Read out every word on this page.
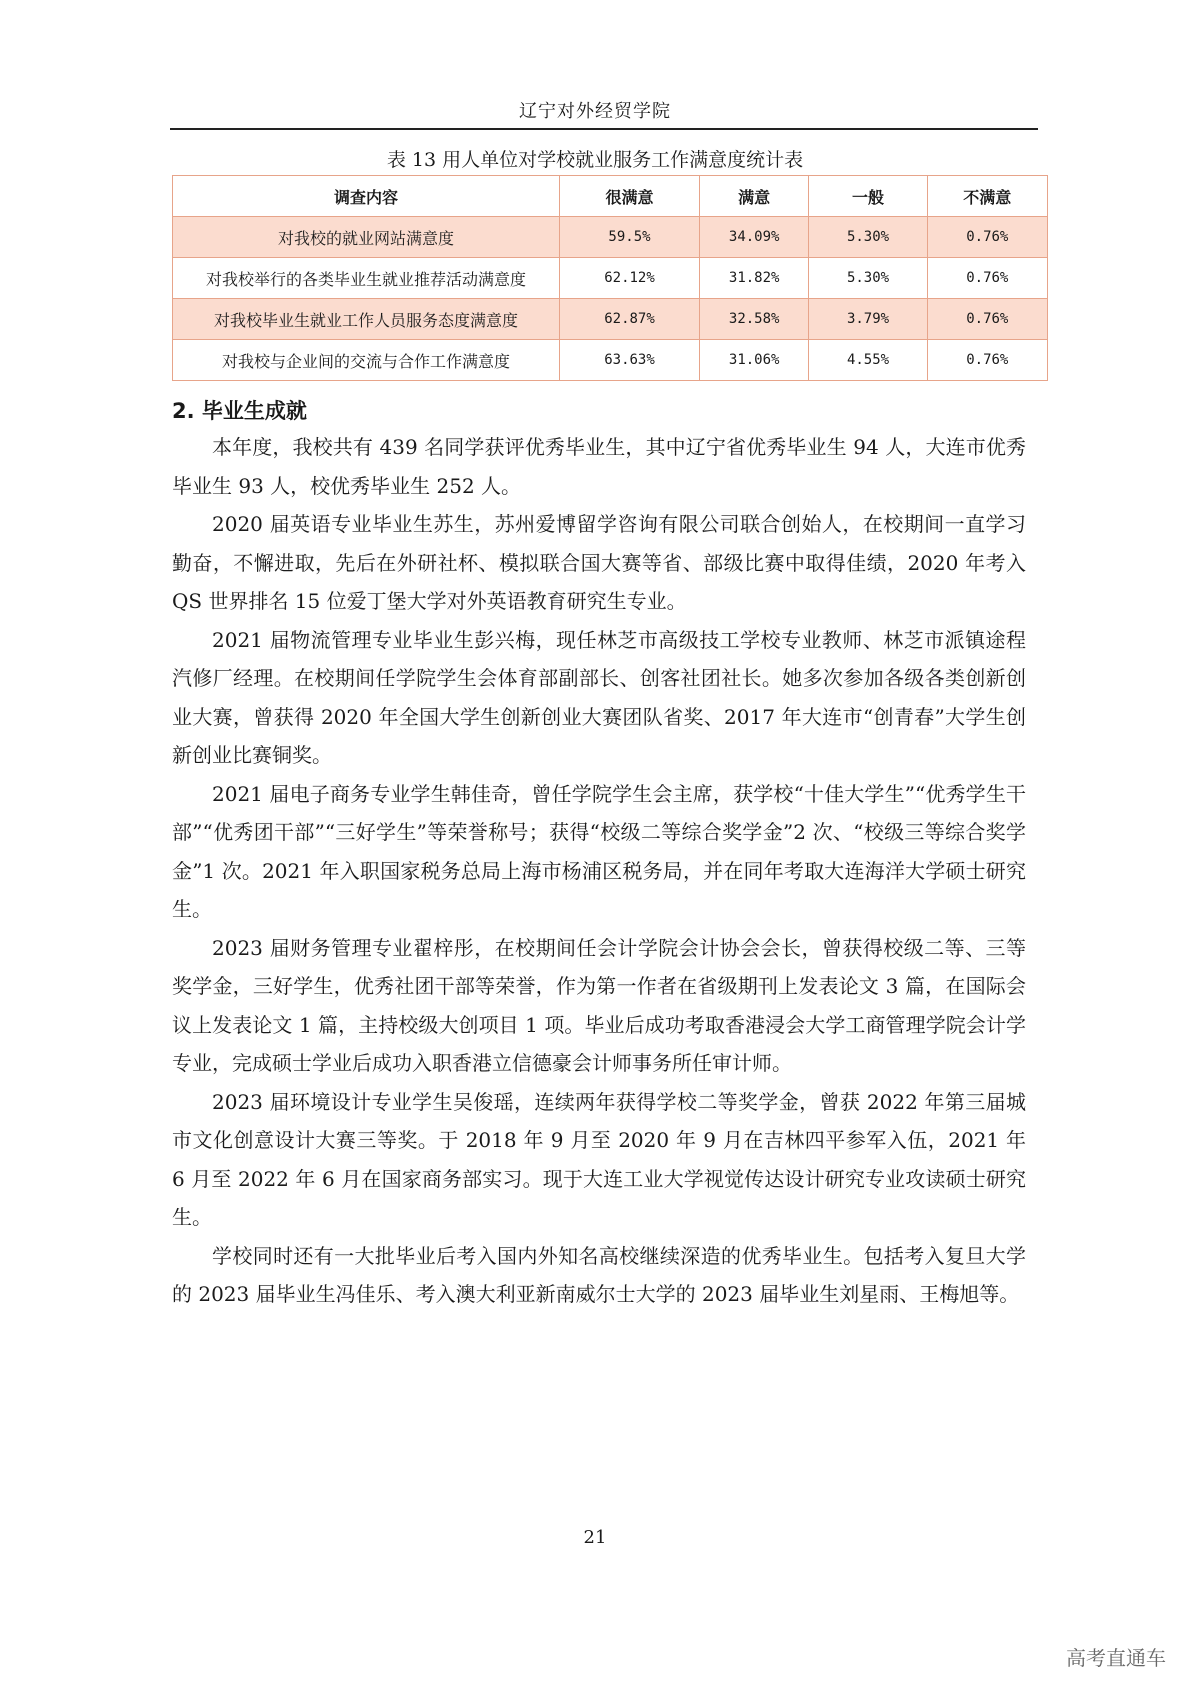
辽宁对外经贸学院
表 13 用人单位对学校就业服务工作满意度统计表
调查内容	很满意	满意	一般	不满意
对我校的就业网站满意度	59.5%	34.09%	5.30%	0.76%
对我校举行的各类毕业生就业推荐活动满意度	62.12%	31.82%	5.30%	0.76%
对我校毕业生就业工作人员服务态度满意度	62.87%	32.58%	3.79%	0.76%
对我校与企业间的交流与合作工作满意度	63.63%	31.06%	4.55%	0.76%
2. 毕业生成就

本年度，我校共有 439 名同学获评优秀毕业生，其中辽宁省优秀毕业生 94 人，大连市优秀毕业生 93 人，校优秀毕业生 252 人。

2020 届英语专业毕业生苏生，苏州爱博留学咨询有限公司联合创始人，在校期间一直学习勤奋，不懈进取，先后在外研社杯、模拟联合国大赛等省、部级比赛中取得佳绩，2020 年考入 QS 世界排名 15 位爱丁堡大学对外英语教育研究生专业。

2021 届物流管理专业毕业生彭兴梅，现任林芝市高级技工学校专业教师、林芝市派镇途程汽修厂经理。在校期间任学院学生会体育部副部长、创客社团社长。她多次参加各级各类创新创业大赛，曾获得 2020 年全国大学生创新创业大赛团队省奖、2017 年大连市“创青春”大学生创新创业比赛铜奖。

2021 届电子商务专业学生韩佳奇，曾任学院学生会主席，获学校“十佳大学生”“优秀学生干部”“优秀团干部”“三好学生”等荣誉称号；获得“校级二等综合奖学金”2 次、“校级三等综合奖学金”1 次。2021 年入职国家税务总局上海市杨浦区税务局，并在同年考取大连海洋大学硕士研究生。

2023 届财务管理专业翟梓彤，在校期间任会计学院会计协会会长，曾获得校级二等、三等奖学金，三好学生，优秀社团干部等荣誉，作为第一作者在省级期刊上发表论文 3 篇，在国际会议上发表论文 1 篇，主持校级大创项目 1 项。毕业后成功考取香港浸会大学工商管理学院会计学专业，完成硕士学业后成功入职香港立信德豪会计师事务所任审计师。

2023 届环境设计专业学生吴俊瑶，连续两年获得学校二等奖学金，曾获 2022 年第三届城市文化创意设计大赛三等奖。于 2018 年 9 月至 2020 年 9 月在吉林四平参军入伍，2021 年 6 月至 2022 年 6 月在国家商务部实习。现于大连工业大学视觉传达设计研究专业攻读硕士研究生。

学校同时还有一大批毕业后考入国内外知名高校继续深造的优秀毕业生。包括考入复旦大学的 2023 届毕业生冯佳乐、考入澳大利亚新南威尔士大学的 2023 届毕业生刘星雨、王梅旭等。

21
高考直通车
